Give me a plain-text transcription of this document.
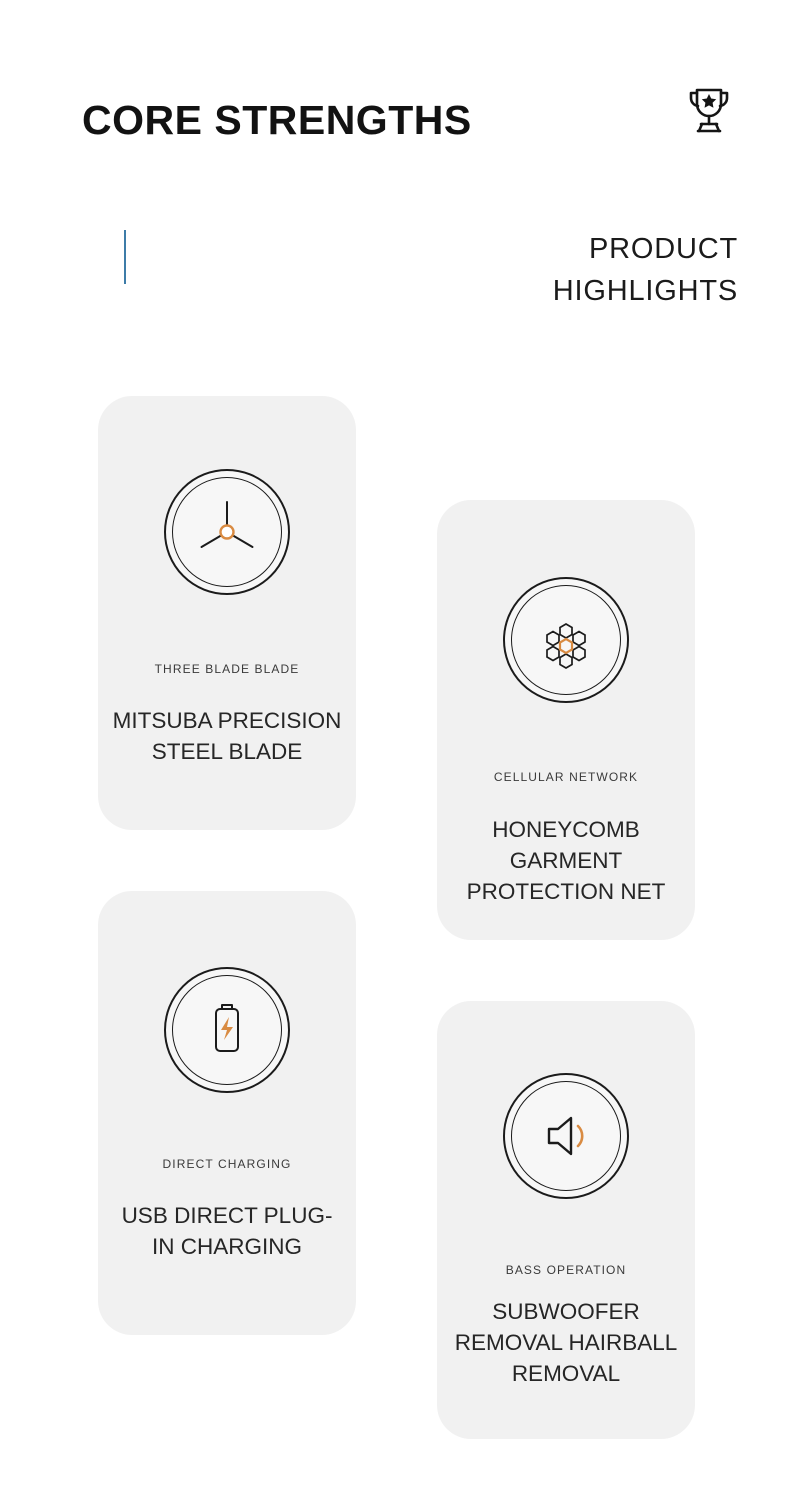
CORE STRENGTHS
PRODUCT
HIGHLIGHTS
THREE BLADE BLADE
MITSUBA PRECISION STEEL BLADE
CELLULAR NETWORK
HONEYCOMB GARMENT PROTECTION NET
DIRECT CHARGING
USB DIRECT PLUG-IN CHARGING
BASS OPERATION
SUBWOOFER REMOVAL HAIRBALL REMOVAL
